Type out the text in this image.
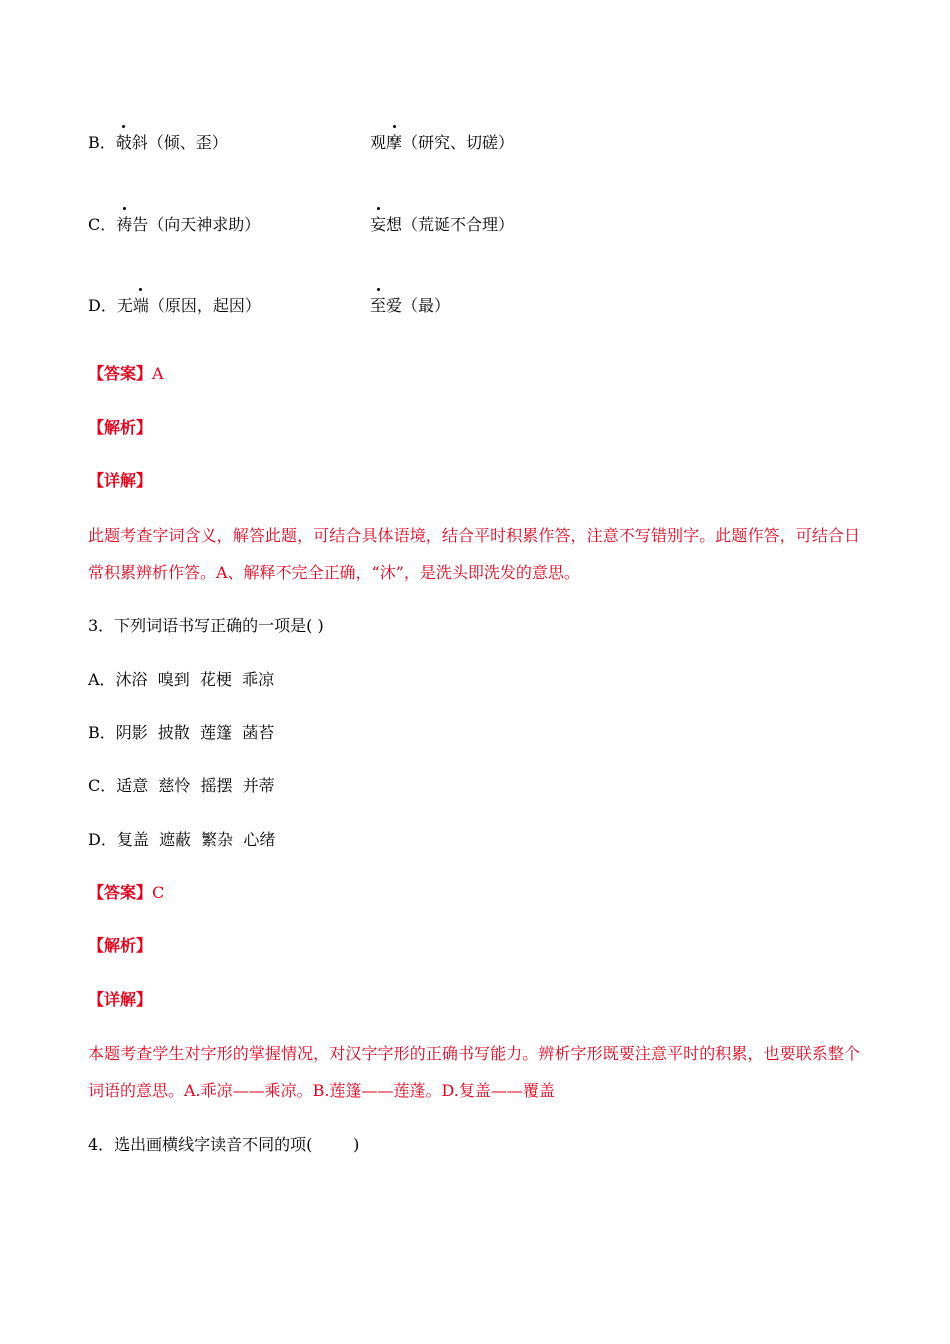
B．攲斜（倾、歪）	观摩（研究、切磋）
C．祷告（向天神求助）	妄想（荒诞不合理）
D．无端（原因，起因）	至爱（最）
【答案】A
【解析】
【详解】
此题考查字词含义，解答此题，可结合具体语境，结合平时积累作答，注意不写错别字。此题作答，可结合日常积累辨析作答。A、解释不完全正确，“沐”，是洗头即洗发的意思。
3．下列词语书写正确的一项是( )
A．沐浴  嗅到  花梗  乖凉
B．阴影  披散  莲篷  菡苔
C．适意  慈怜  摇摆  并蒂
D．复盖  遮蔽  繁杂  心绪
【答案】C
【解析】
【详解】
本题考查学生对字形的掌握情况，对汉字字形的正确书写能力。辨析字形既要注意平时的积累，也要联系整个词语的意思。A.乖凉——乘凉。B.莲篷——莲蓬。D.复盖——覆盖
4．选出画横线字读音不同的项(        )
